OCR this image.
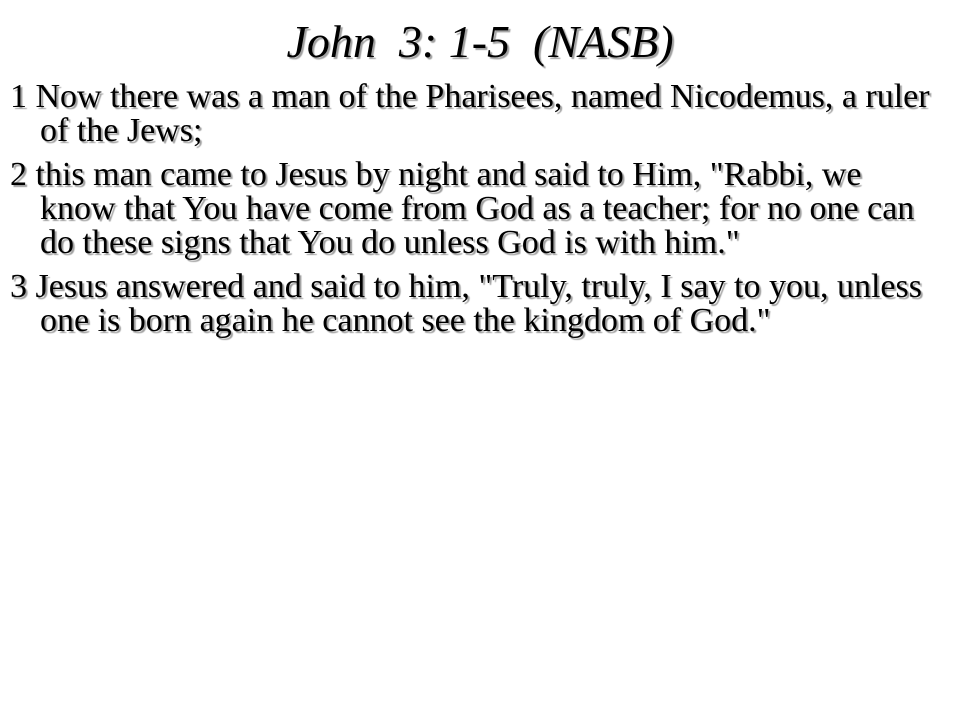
John  3: 1-5  (NASB)

1 Now there was a man of the Pharisees, named Nicodemus, a ruler of the Jews;

2 this man came to Jesus by night and said to Him, "Rabbi, we know that You have come from God as a teacher; for no one can do these signs that You do unless God is with him."

3 Jesus answered and said to him, "Truly, truly, I say to you, unless one is born again he cannot see the kingdom of God."
